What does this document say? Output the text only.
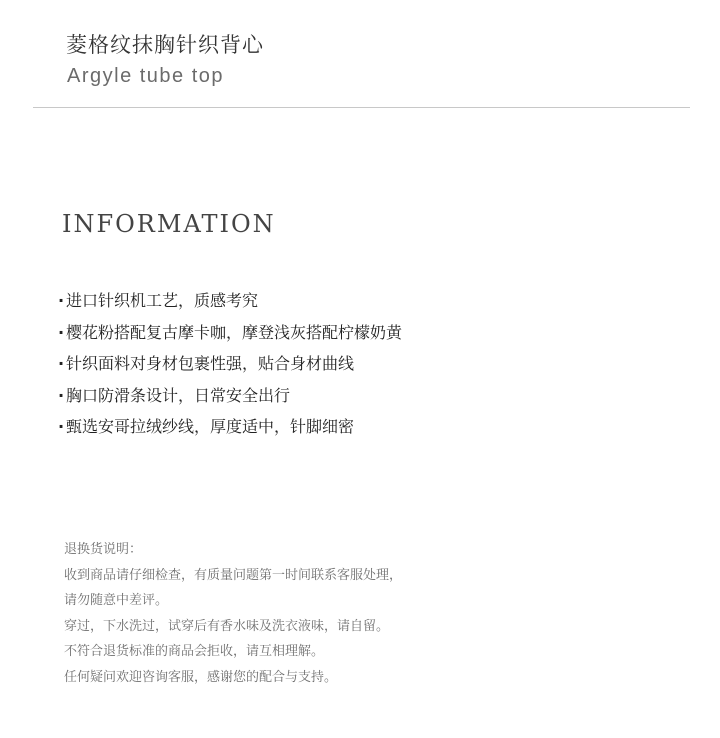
菱格纹抹胸针织背心
Argyle tube top
INFORMATION
· 进口针织机工艺，质感考究
· 樱花粉搭配复古摩卡咖，摩登浅灰搭配柠檬奶黄
· 针织面料对身材包裹性强，贴合身材曲线
· 胸口防滑条设计，日常安全出行
· 甄选安哥拉绒纱线，厚度适中，针脚细密
退换货说明：
收到商品请仔细检查，有质量问题第一时间联系客服处理，
请勿随意中差评。
穿过，下水洗过，试穿后有香水味及洗衣液味，请自留。
不符合退货标准的商品会拒收，请互相理解。
任何疑问欢迎咨询客服，感谢您的配合与支持。
